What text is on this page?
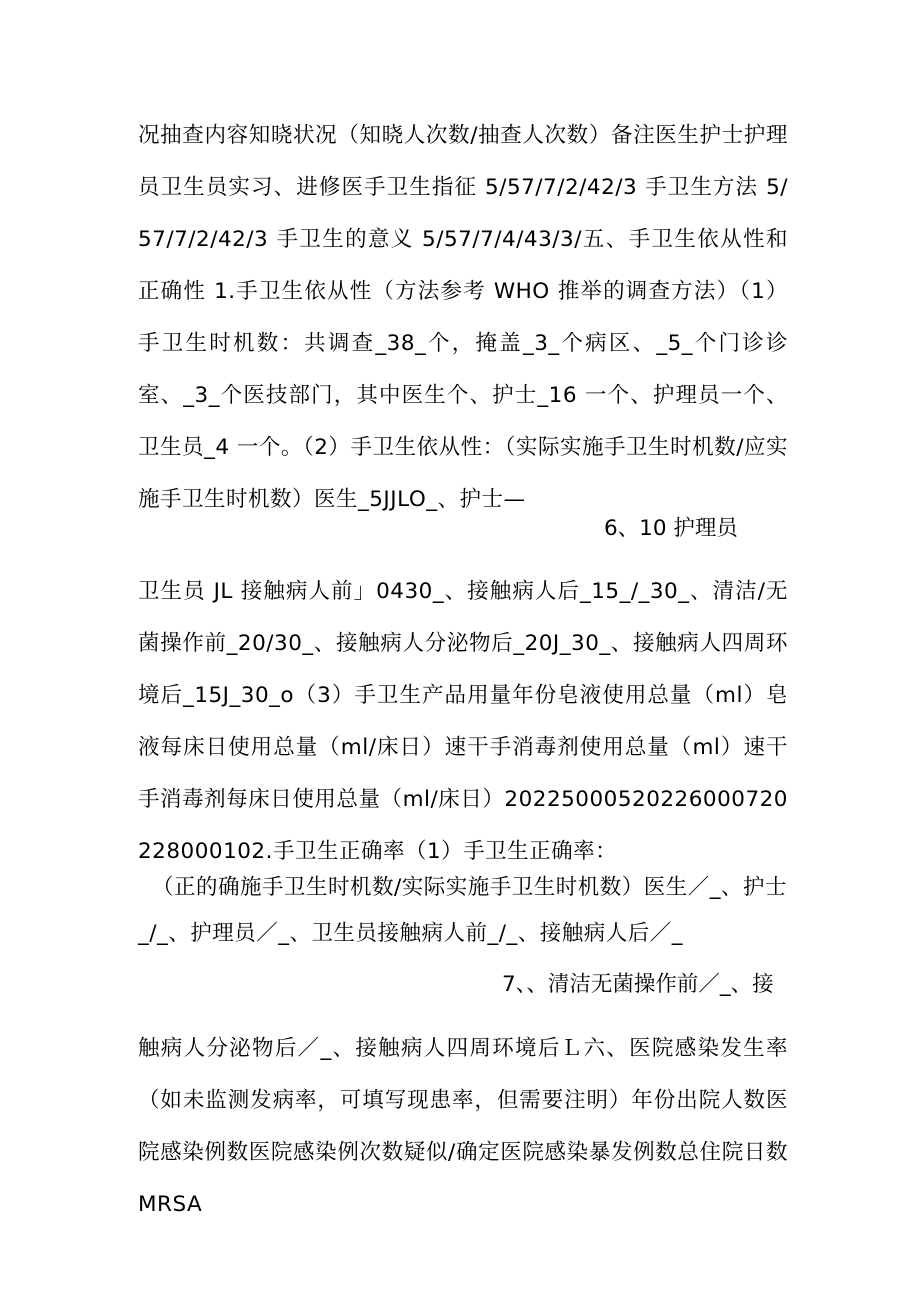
况抽查内容知晓状况（知晓人次数/抽查人次数）备注医生护士护理员卫生员实习、进修医手卫生指征 5/57/7/2/42/3 手卫生方法 5/57/7/2/42/3 手卫生的意义 5/57/7/4/43/3/五、手卫生依从性和正确性 1.手卫生依从性（方法参考 WHO 推举的调查方法）（1）手卫生时机数：共调查_38_个，掩盖_3_个病区、_5_个门诊诊室、_3_个医技部门，其中医生个、护士_16 一个、护理员一个、卫生员_4 一个。（2）手卫生依从性：（实际实施手卫生时机数/应实施手卫生时机数）医生_5JJLO_、护士—

6、10 护理员

卫生员 JL 接触病人前」0430_、接触病人后_15_/_30_、清洁/无菌操作前_20/30_、接触病人分泌物后_20J_30_、接触病人四周环境后_15J_30_o（3）手卫生产品用量年份皂液使用总量（ml）皂液每床日使用总量（ml/床日）速干手消毒剂使用总量（ml）速干手消毒剂每床日使用总量（ml/床日）20225000520226000720228000102.手卫生正确率（1）手卫生正确率：

（正的确施手卫生时机数/实际实施手卫生时机数）医生／_、护士

_/_、护理员／_、卫生员接触病人前_/_、接触病人后／_

7、、清洁无菌操作前／_、接

触病人分泌物后／_、接触病人四周环境后Ｌ六、医院感染发生率（如未监测发病率，可填写现患率，但需要注明）年份出院人数医院感染例数医院感染例次数疑似/确定医院感染暴发例数总住院日数 MRSA
